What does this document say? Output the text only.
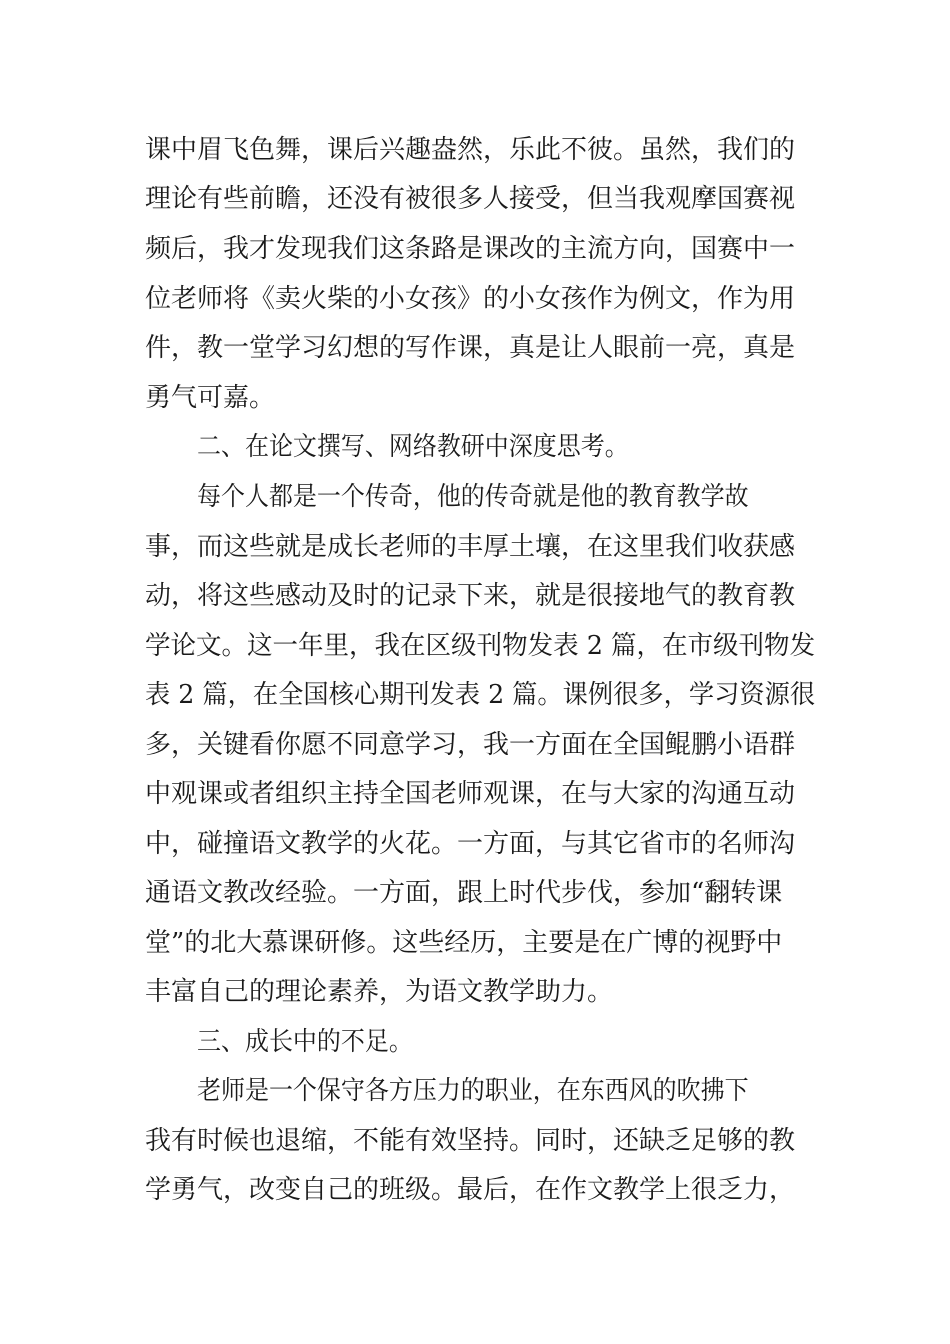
课中眉飞色舞，课后兴趣盎然，乐此不彼。虽然，我们的
理论有些前瞻，还没有被很多人接受，但当我观摩国赛视
频后，我才发现我们这条路是课改的主流方向，国赛中一
位老师将《卖火柴的小女孩》的小女孩作为例文，作为用
件，教一堂学习幻想的写作课，真是让人眼前一亮，真是
勇气可嘉。
二、在论文撰写、网络教研中深度思考。
每个人都是一个传奇，他的传奇就是他的教育教学故
事，而这些就是成长老师的丰厚土壤，在这里我们收获感
动，将这些感动及时的记录下来，就是很接地气的教育教
学论文。这一年里，我在区级刊物发表 2 篇，在市级刊物发
表 2 篇，在全国核心期刊发表 2 篇。课例很多，学习资源很
多，关键看你愿不同意学习，我一方面在全国鲲鹏小语群
中观课或者组织主持全国老师观课，在与大家的沟通互动
中，碰撞语文教学的火花。一方面，与其它省市的名师沟
通语文教改经验。一方面，跟上时代步伐，参加“翻转课
堂”的北大慕课研修。这些经历，主要是在广博的视野中
丰富自己的理论素养，为语文教学助力。
三、成长中的不足。
老师是一个保守各方压力的职业，在东西风的吹拂下
我有时候也退缩，不能有效坚持。同时，还缺乏足够的教
学勇气，改变自己的班级。最后，在作文教学上很乏力，
